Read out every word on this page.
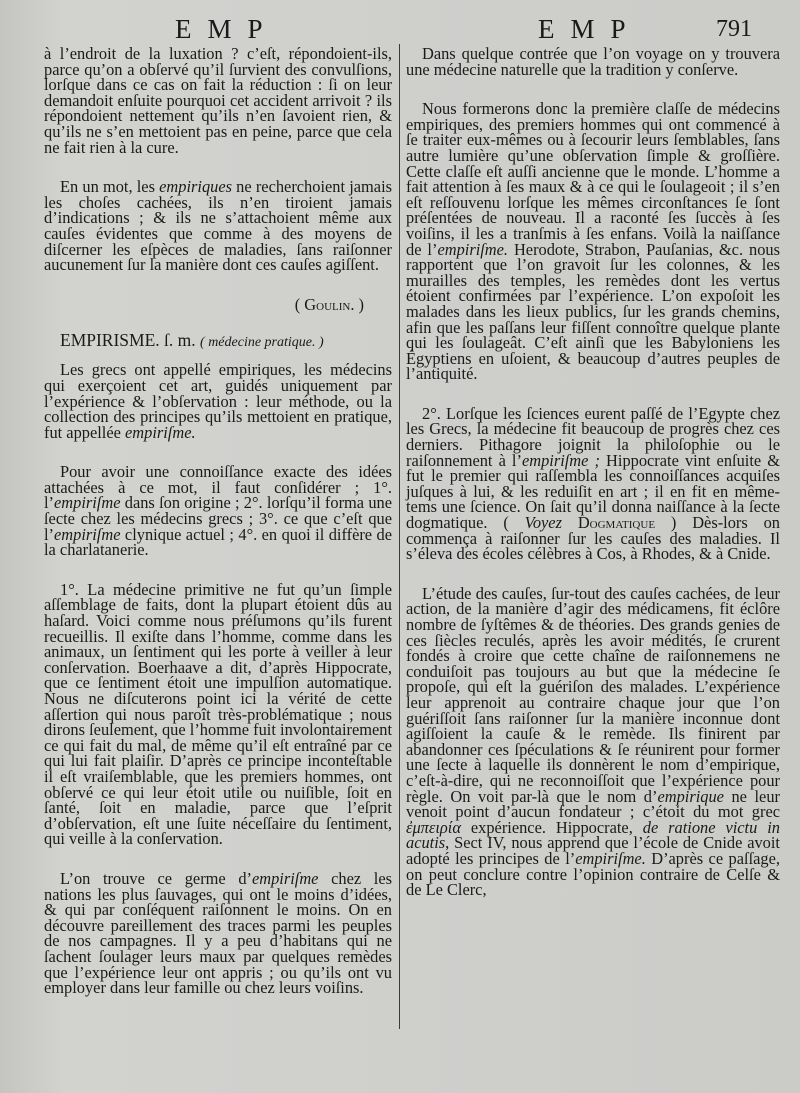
EMP	EMP	791

à l’endroit de la luxation ? c’eſt, répondoient-ils, parce qu’on a obſervé qu’il ſurvient des convulſions, lorſque dans ce cas on fait la réduction : ſi on leur demandoit enſuite pourquoi cet accident arrivoit ? ils répondoient nettement qu’ils n’en ſavoient rien, & qu’ils ne s’en mettoient pas en peine, parce que cela ne fait rien à la cure.

En un mot, les empiriques ne recherchoient jamais les choſes cachées, ils n’en tiroient jamais d’indications ; & ils ne s’attachoient même aux cauſes évidentes que comme à des moyens de diſcerner les eſpèces de maladies, ſans raiſonner aucunement ſur la manière dont ces cauſes agiſſent.

( Goulin. )

EMPIRISME. ſ. m. ( médecine pratique. )

Les grecs ont appellé empiriques, les médecins qui exerçoient cet art, guidés uniquement par l’expérience & l’obſervation : leur méthode, ou la collection des principes qu’ils mettoient en pratique, fut appellée empiriſme.

Pour avoir une connoiſſance exacte des idées attachées à ce mot, il faut conſidérer ; 1°. l’empiriſme dans ſon origine ; 2°. lorſqu’il forma une ſecte chez les médecins grecs ; 3°. ce que c’eſt que l’empiriſme clynique actuel ; 4°. en quoi il diffère de la charlatanerie.

1°. La médecine primitive ne fut qu’un ſimple aſſemblage de faits, dont la plupart étoient dûs au haſard. Voici comme nous préſumons qu’ils furent recueillis. Il exiſte dans l’homme, comme dans les animaux, un ſentiment qui les porte à veiller à leur conſervation. Boerhaave a dit, d’après Hippocrate, que ce ſentiment étoit une impulſion automatique. Nous ne diſcuterons point ici la vérité de cette aſſertion qui nous paroît très-problématique ; nous dirons ſeulement, que l’homme fuit involontairement ce qui fait du mal, de même qu’il eſt entraîné par ce qui lui fait plaiſir. D’après ce principe inconteſtable il eſt vraiſemblable, que les premiers hommes, ont obſervé ce qui leur étoit utile ou nuiſible, ſoit en ſanté, ſoit en maladie, parce que l’eſprit d’obſervation, eſt une ſuite néceſſaire du ſentiment, qui veille à la conſervation.

L’on trouve ce germe d’empiriſme chez les nations les plus ſauvages, qui ont le moins d’idées, & qui par conſéquent raiſonnent le moins. On en découvre pareillement des traces parmi les peuples de nos campagnes. Il y a peu d’habitans qui ne ſachent ſoulager leurs maux par quelques remèdes que l’expérience leur ont appris ; ou qu’ils ont vu employer dans leur famille ou chez leurs voiſins.

Dans quelque contrée que l’on voyage on y trouvera une médecine naturelle que la tradition y conſerve.

Nous formerons donc la première claſſe de médecins empiriques, des premiers hommes qui ont commencé à ſe traiter eux-mêmes ou à ſecourir leurs ſemblables, ſans autre lumière qu’une obſervation ſimple & groſſière. Cette claſſe eſt auſſi ancienne que le monde. L’homme a fait attention à ſes maux & à ce qui le ſoulageoit ; il s’en eſt reſſouvenu lorſque les mêmes circonſtances ſe ſont préſentées de nouveau. Il a raconté ſes ſuccès à ſes voiſins, il les a tranſmis à ſes enfans. Voilà la naiſſance de l’empiriſme. Herodote, Strabon, Pauſanias, &c. nous rapportent que l’on gravoit ſur les colonnes, & les murailles des temples, les remèdes dont les vertus étoient confirmées par l’expérience. L’on expoſoit les malades dans les lieux publics, ſur les grands chemins, afin que les paſſans leur fiſſent connoître quelque plante qui les ſoulageât. C’eſt ainſi que les Babyloniens les Égyptiens en uſoient, & beaucoup d’autres peuples de l’antiquité.

2°. Lorſque les ſciences eurent paſſé de l’Egypte chez les Grecs, la médecine fit beaucoup de progrès chez ces derniers. Pithagore joignit la philoſophie ou le raiſonnement à l’empiriſme ; Hippocrate vint enſuite & fut le premier qui raſſembla les connoiſſances acquiſes juſques à lui, & les reduiſit en art ; il en fit en même-tems une ſcience. On ſait qu’il donna naiſſance à la ſecte dogmatique. ( Voyez Dogmatique ) Dès-lors on commença à raiſonner ſur les cauſes des maladies. Il s’éleva des écoles célèbres à Cos, à Rhodes, & à Cnide.

L’étude des cauſes, ſur-tout des cauſes cachées, de leur action, de la manière d’agir des médicamens, fit éclôre nombre de ſyſtêmes & de théories. Des grands genies de ces ſiècles reculés, après les avoir médités, ſe crurent fondés à croire que cette chaîne de raiſonnemens ne conduiſoit pas toujours au but que la médecine ſe propoſe, qui eſt la guériſon des malades. L’expérience leur apprenoit au contraire chaque jour que l’on guériſſoit ſans raiſonner ſur la manière inconnue dont agiſſoient la cauſe & le remède. Ils finirent par abandonner ces ſpéculations & ſe réunirent pour former une ſecte à laquelle ils donnèrent le nom d’empirique, c’eſt-à-dire, qui ne reconnoiſſoit que l’expérience pour règle. On voit par-là que le nom d’empirique ne leur venoit point d’aucun fondateur ; c’étoit du mot grec ἐμπειρία expérience. Hippocrate, de ratione victu in acutis, Sect IV, nous apprend que l’école de Cnide avoit adopté les principes de l’empiriſme. D’après ce paſſage, on peut conclure contre l’opinion contraire de Celſe & de Le Clerc,
